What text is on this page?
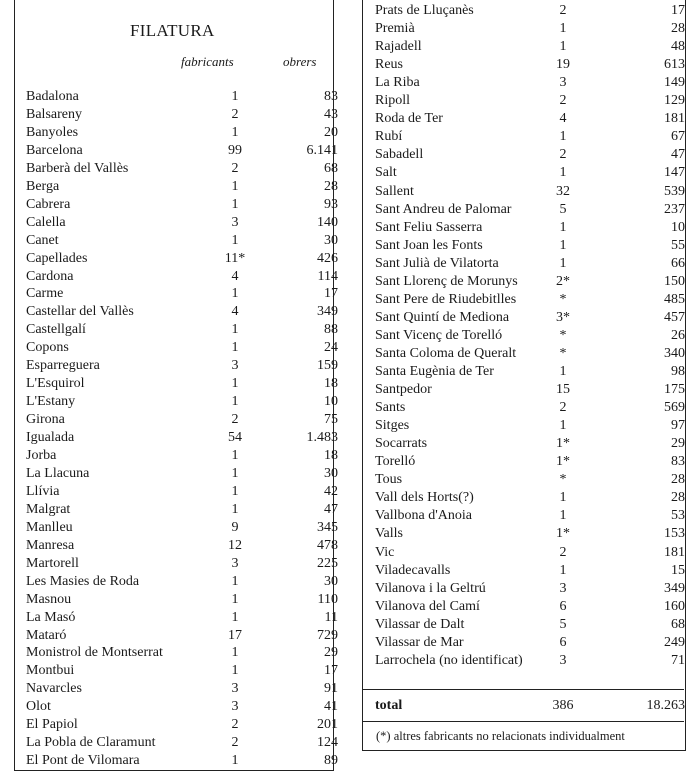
FILATURA
fabricants	obrers
Badalona	1	83
Balsareny	2	43
Banyoles	1	20
Barcelona	99	6.141
Barberà del Vallès	2	68
Berga	1	28
Cabrera	1	93
Calella	3	140
Canet	1	30
Capellades	11*	426
Cardona	4	114
Carme	1	17
Castellar del Vallès	4	349
Castellgalí	1	88
Copons	1	24
Esparreguera	3	159
L'Esquirol	1	18
L'Estany	1	10
Girona	2	75
Igualada	54	1.483
Jorba	1	18
La Llacuna	1	30
Llívia	1	42
Malgrat	1	47
Manlleu	9	345
Manresa	12	478
Martorell	3	225
Les Masies de Roda	1	30
Masnou	1	110
La Masó	1	11
Mataró	17	729
Monistrol de Montserrat	1	29
Montbui	1	17
Navarcles	3	91
Olot	3	41
El Papiol	2	201
La Pobla de Claramunt	2	124
El Pont de Vilomara	1	89
Prats de Lluçanès	2	17
Premià	1	28
Rajadell	1	48
Reus	19	613
La Riba	3	149
Ripoll	2	129
Roda de Ter	4	181
Rubí	1	67
Sabadell	2	47
Salt	1	147
Sallent	32	539
Sant Andreu de Palomar	5	237
Sant Feliu Sasserra	1	10
Sant Joan les Fonts	1	55
Sant Julià de Vilatorta	1	66
Sant Llorenç de Morunys	2*	150
Sant Pere de Riudebitlles	*	485
Sant Quintí de Mediona	3*	457
Sant Vicenç de Torelló	*	26
Santa Coloma de Queralt	*	340
Santa Eugènia de Ter	1	98
Santpedor	15	175
Sants	2	569
Sitges	1	97
Socarrats	1*	29
Torelló	1*	83
Tous	*	28
Vall dels Horts(?)	1	28
Vallbona d'Anoia	1	53
Valls	1*	153
Vic	2	181
Viladecavalls	1	15
Vilanova i la Geltrú	3	349
Vilanova del Camí	6	160
Vilassar de Dalt	5	68
Vilassar de Mar	6	249
Larrochela (no identificat)	3	71
total	386	18.263
(*) altres fabricants no relacionats individualment
